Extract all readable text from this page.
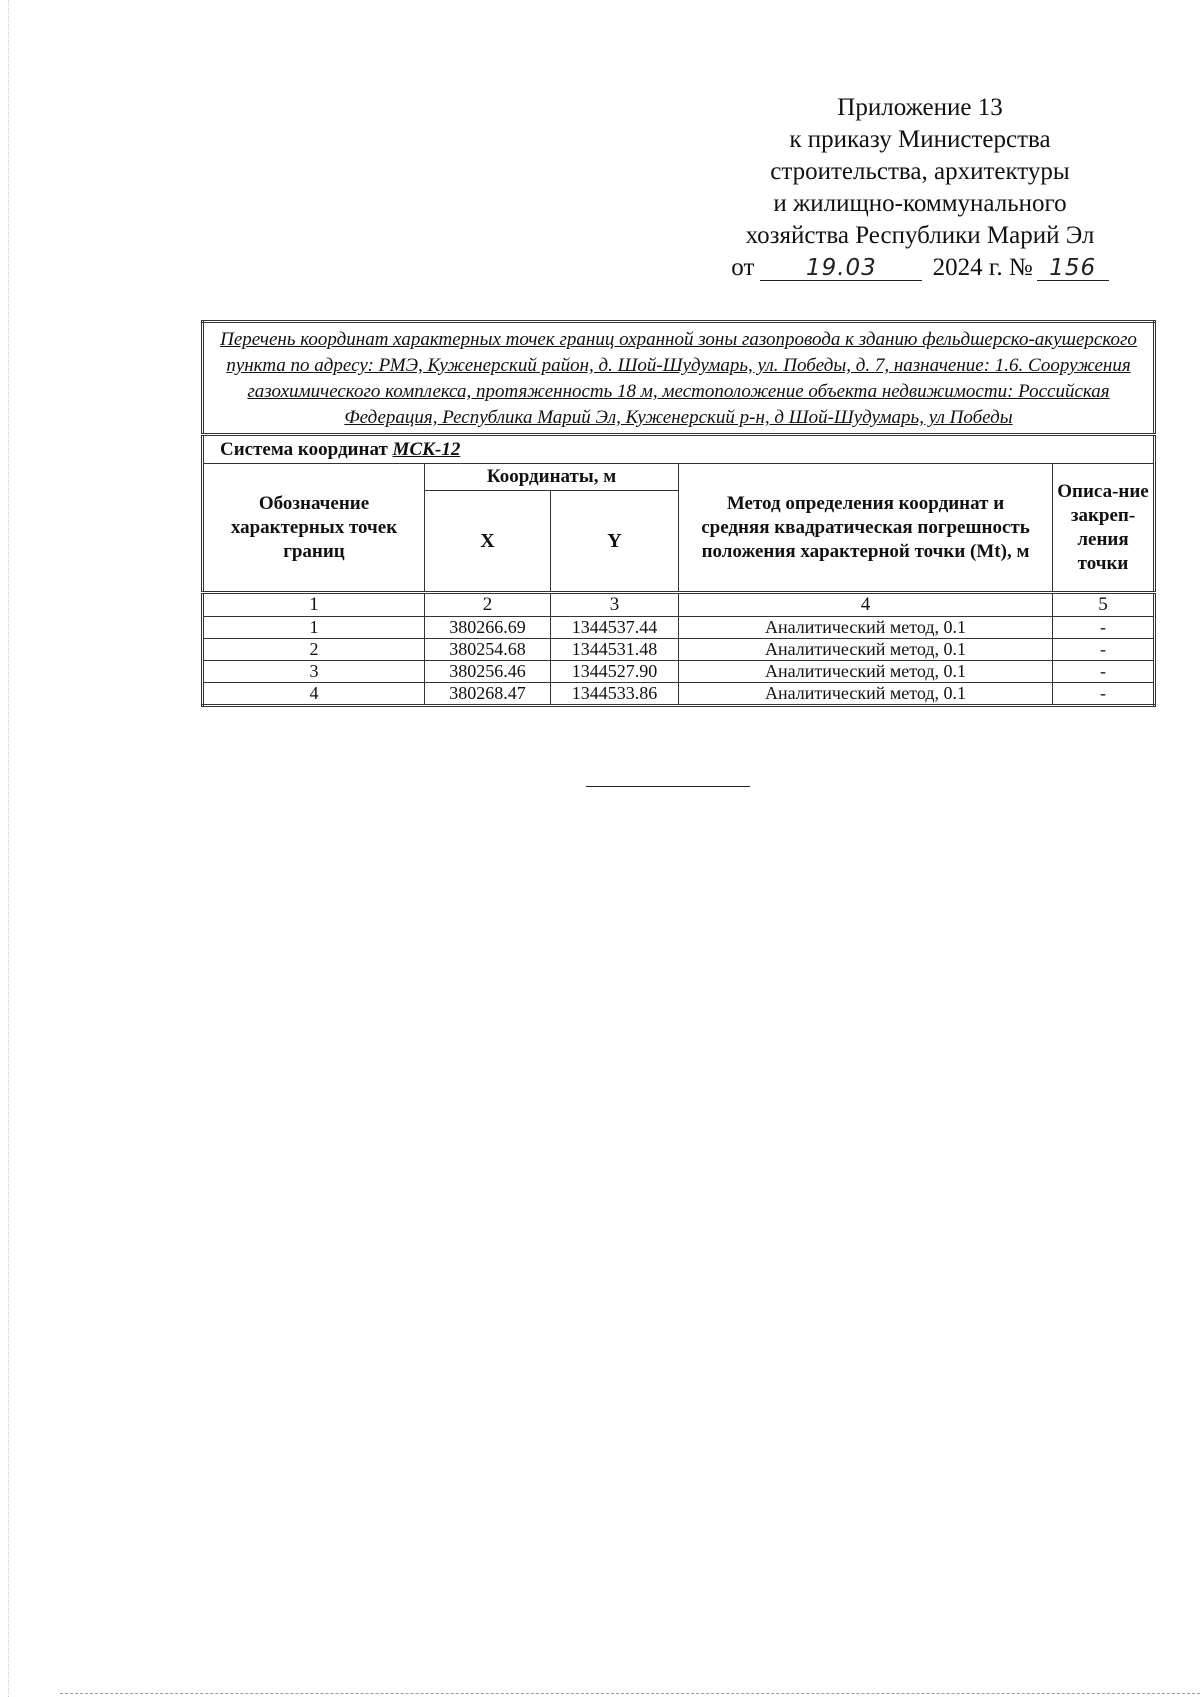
Приложение 13
к приказу Министерства
строительства, архитектуры
и жилищно-коммунального
хозяйства Республики Марий Эл
от 19.03 2024 г. № 156
Перечень координат характерных точек границ охранной зоны газопровода к зданию фельдшерско-акушерского пункта по адресу: РМЭ, Куженерский район, д. Шой-Шудумарь, ул. Победы, д. 7, назначение: 1.6. Сооружения газохимического комплекса, протяженность 18 м, местоположение объекта недвижимости: Российская Федерация, Республика Марий Эл, Куженерский р-н, д Шой-Шудумарь, ул Победы				
Система координат МСК-12				
Обозначение характерных точек границ	Координаты, м		Метод определения координат и средняя квадратическая погрешность положения характерной точки (Mt), м	Описа-ние закреп-ления точки
	X	Y		
1	2	3	4	5
1	380266.69	1344537.44	Аналитический метод, 0.1	-
2	380254.68	1344531.48	Аналитический метод, 0.1	-
3	380256.46	1344527.90	Аналитический метод, 0.1	-
4	380268.47	1344533.86	Аналитический метод, 0.1	-
